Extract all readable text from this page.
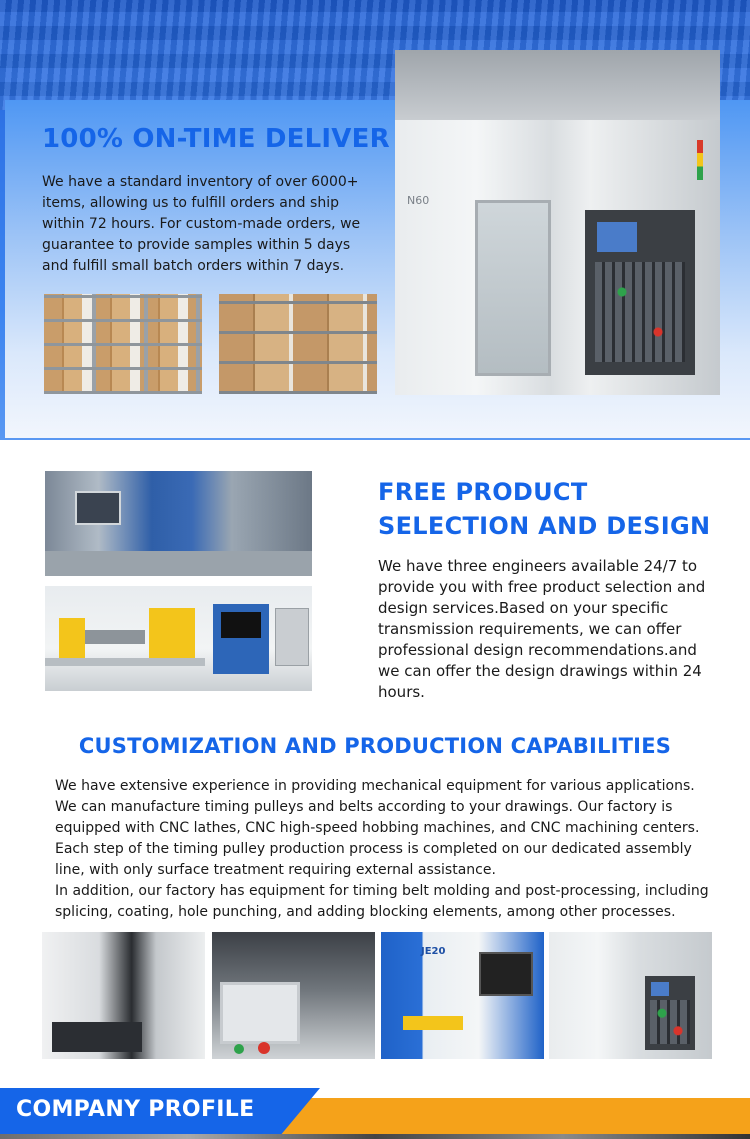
100% ON-TIME DELIVER
We have a standard inventory of over 6000+ items, allowing us to fulfill orders and ship within 72 hours. For custom-made orders, we guarantee to provide samples within 5 days and fulfill small batch orders within 7 days.
N60
FREE PRODUCT
SELECTION AND DESIGN
We have three engineers available 24/7 to provide you with free product selection and design services.Based on your specific transmission requirements, we can offer professional design recommendations.and we can offer the design drawings within 24 hours.
CUSTOMIZATION AND PRODUCTION CAPABILITIES

We have extensive experience in providing mechanical equipment for various applications. We can manufacture timing pulleys and belts according to your drawings. Our factory is equipped with CNC lathes, CNC high-speed hobbing machines, and CNC machining centers. Each step of the timing pulley production process is completed on our dedicated assembly line, with only surface treatment requiring external assistance.

In addition, our factory has equipment for timing belt molding and post-processing, including splicing, coating, hole punching, and adding blocking elements, among other processes.

JE20
COMPANY PROFILE
